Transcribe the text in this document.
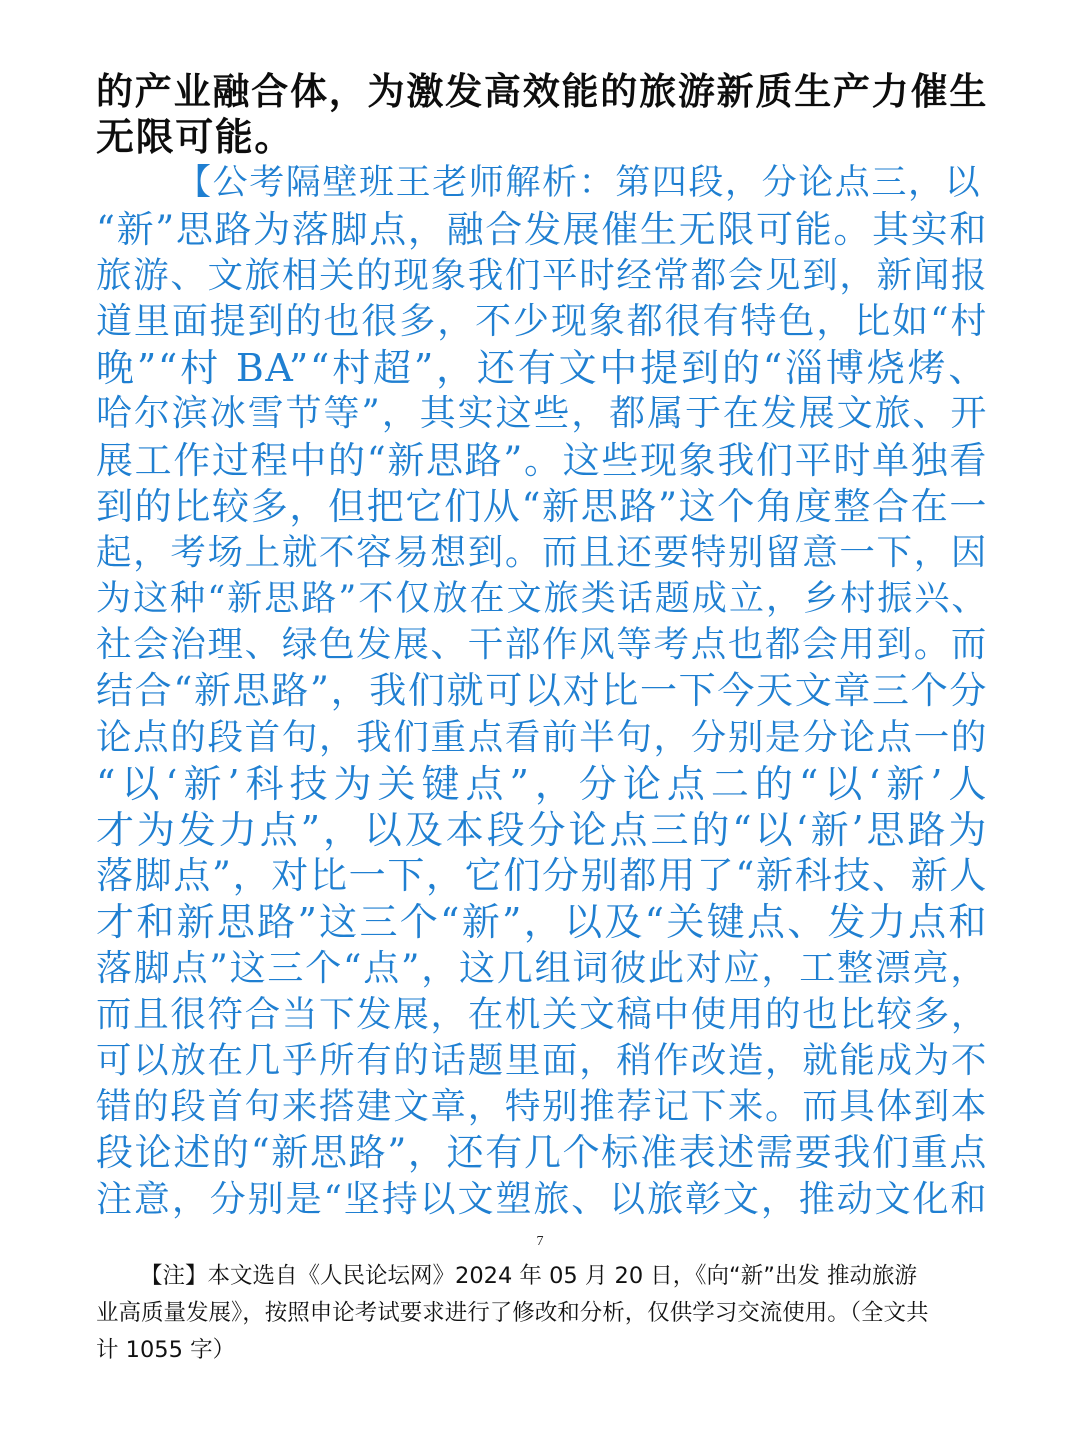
的产业融合体，为激发高效能的旅游新质生产力催生
无限可能。
【公考隔壁班王老师解析：第四段，分论点三，以
“新”思路为落脚点，融合发展催生无限可能。其实和
旅游、文旅相关的现象我们平时经常都会见到，新闻报
道里面提到的也很多，不少现象都很有特色，比如“村
晚”“村 BA”“村超”，还有文中提到的“淄博烧烤、
哈尔滨冰雪节等”，其实这些，都属于在发展文旅、开
展工作过程中的“新思路”。这些现象我们平时单独看
到的比较多，但把它们从“新思路”这个角度整合在一
起，考场上就不容易想到。而且还要特别留意一下，因
为这种“新思路”不仅放在文旅类话题成立，乡村振兴、
社会治理、绿色发展、干部作风等考点也都会用到。而
结合“新思路”，我们就可以对比一下今天文章三个分
论点的段首句，我们重点看前半句，分别是分论点一的
“以‘新’科技为关键点”，分论点二的“以‘新’人
才为发力点”，以及本段分论点三的“以‘新’思路为
落脚点”，对比一下，它们分别都用了“新科技、新人
才和新思路”这三个“新”，以及“关键点、发力点和
落脚点”这三个“点”，这几组词彼此对应，工整漂亮，
而且很符合当下发展，在机关文稿中使用的也比较多，
可以放在几乎所有的话题里面，稍作改造，就能成为不
错的段首句来搭建文章，特别推荐记下来。而具体到本
段论述的“新思路”，还有几个标准表述需要我们重点
注意，分别是“坚持以文塑旅、以旅彰文，推动文化和
7
【注】本文选自《人民论坛网》2024 年 05 月 20 日，《向“新”出发 推动旅游
业高质量发展》，按照申论考试要求进行了修改和分析，仅供学习交流使用。（全文共
计 1055 字）
